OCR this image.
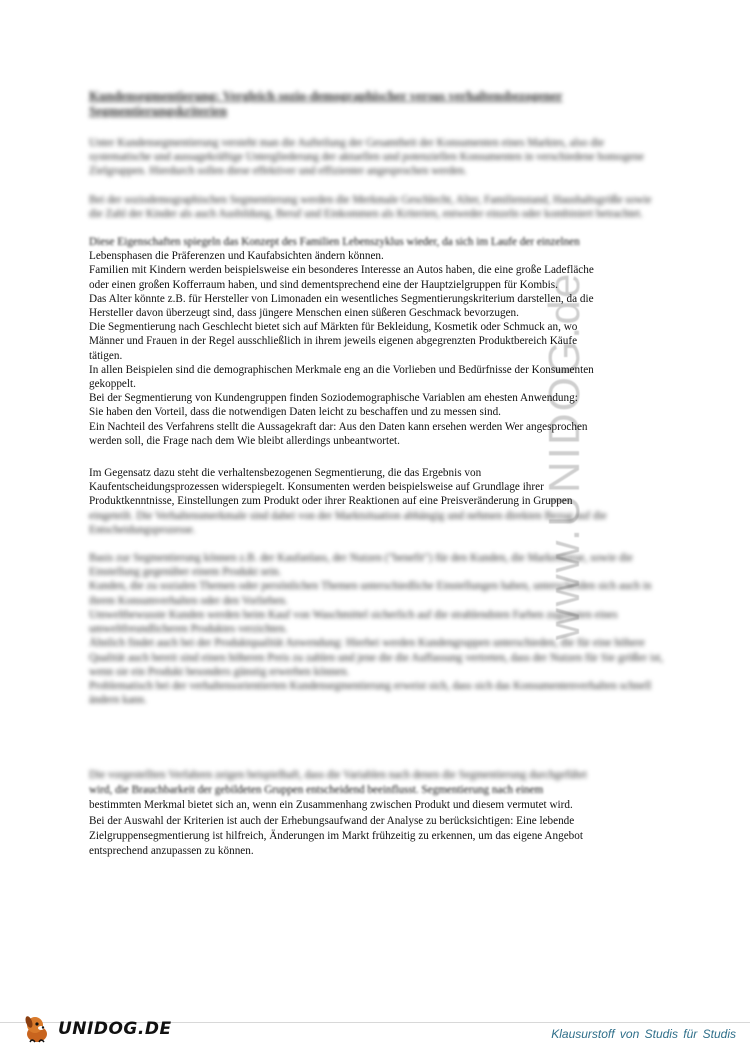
www.UNIDOG.de

Kundensegmentierung: Vergleich sozio-demographischer versus verhaltensbezogener Segmentierungskriterien

Unter Kundensegmentierung versteht man die Aufteilung der Gesamtheit der Konsumenten eines Marktes, also die systematische und aussagekräftige Untergliederung der aktuellen und potenziellen Konsumenten in verschiedene homogene Zielgruppen. Hierdurch sollen diese effektiver und effizienter angesprochen werden.

Bei der soziodemographischen Segmentierung werden die Merkmale Geschlecht, Alter, Familienstand, Haushaltsgröße sowie die Zahl der Kinder als auch Ausbildung, Beruf und Einkommen als Kriterien, entweder einzeln oder kombiniert betrachtet.

Diese Eigenschaften spiegeln das Konzept des Familien Lebenszyklus wieder, da sich im Laufe der einzelnen

Lebensphasen die Präferenzen und Kaufabsichten ändern können.
Familien mit Kindern werden beispielsweise ein besonderes Interesse an Autos haben, die eine große Ladefläche
oder einen großen Kofferraum haben, und sind dementsprechend eine der Hauptzielgruppen für Kombis.
Das Alter könnte z.B. für Hersteller von Limonaden ein wesentliches Segmentierungskriterium darstellen, da die
Hersteller davon überzeugt sind, dass jüngere Menschen einen süßeren Geschmack bevorzugen.
Die Segmentierung nach Geschlecht bietet sich auf Märkten für Bekleidung, Kosmetik oder Schmuck an, wo
Männer und Frauen in der Regel ausschließlich in ihrem jeweils eigenen abgegrenzten Produktbereich Käufe
tätigen.
In allen Beispielen sind die demographischen Merkmale eng an die Vorlieben und Bedürfnisse der Konsumenten
gekoppelt.
Bei der Segmentierung von Kundengruppen finden Soziodemographische Variablen am ehesten Anwendung:
Sie haben den Vorteil, dass die notwendigen Daten leicht zu beschaffen und zu messen sind.
Ein Nachteil des Verfahrens stellt die Aussagekraft dar: Aus den Daten kann ersehen werden Wer angesprochen
werden soll, die Frage nach dem Wie bleibt allerdings unbeantwortet.
Im Gegensatz dazu steht die verhaltensbezogenen Segmentierung, die das Ergebnis von
Kaufentscheidungsprozessen widerspiegelt. Konsumenten werden beispielsweise auf Grundlage ihrer
Produktkenntnisse, Einstellungen zum Produkt oder ihrer Reaktionen auf eine Preisveränderung in Gruppen

eingeteilt. Die Verhaltensmerkmale sind dabei von der Marktsituation abhängig und nehmen direkten Bezug auf die Entscheidungsprozesse.

Basis zur Segmentierung können z.B. der Kaufanlass, der Nutzen ("benefit") für den Kunden, die Markentreue, sowie die Einstellung gegenüber einem Produkt sein.

Kunden, die zu sozialen Themen oder persönlichen Themen unterschiedliche Einstellungen haben, unterscheiden sich auch in ihrem Konsumverhalten oder den Vorlieben.

Umweltbewusste Kunden werden beim Kauf von Waschmittel sicherlich auf die strahlendsten Farben zugunsten eines umweltfreundlicheren Produktes verzichten.

Ähnlich findet auch bei der Produktqualität Anwendung: Hierbei werden Kundengruppen unterschieden, die für eine höhere Qualität auch bereit sind einen höheren Preis zu zahlen und jene die die Auffassung vertreten, dass der Nutzen für Sie größer ist, wenn sie ein Produkt besonders günstig erwerben können.

Problematisch bei der verhaltensorientierten Kundensegmentierung erweist sich, dass sich das Konsumentenverhalten schnell ändern kann.

Die vorgestellten Verfahren zeigen beispielhaft, dass die Variablen nach denen die Segmentierung durchgeführt
wird, die Brauchbarkeit der gebildeten Gruppen entscheidend beeinflusst. Segmentierung nach einem
bestimmten Merkmal bietet sich an, wenn ein Zusammenhang zwischen Produkt und diesem vermutet wird.
Bei der Auswahl der Kriterien ist auch der Erhebungsaufwand der Analyse zu berücksichtigen: Eine lebende
Zielgruppensegmentierung ist hilfreich, Änderungen im Markt frühzeitig zu erkennen, um das eigene Angebot
entsprechend anzupassen zu können.
UNIDOG.DE	Klausurstoff von Studis für Studis
